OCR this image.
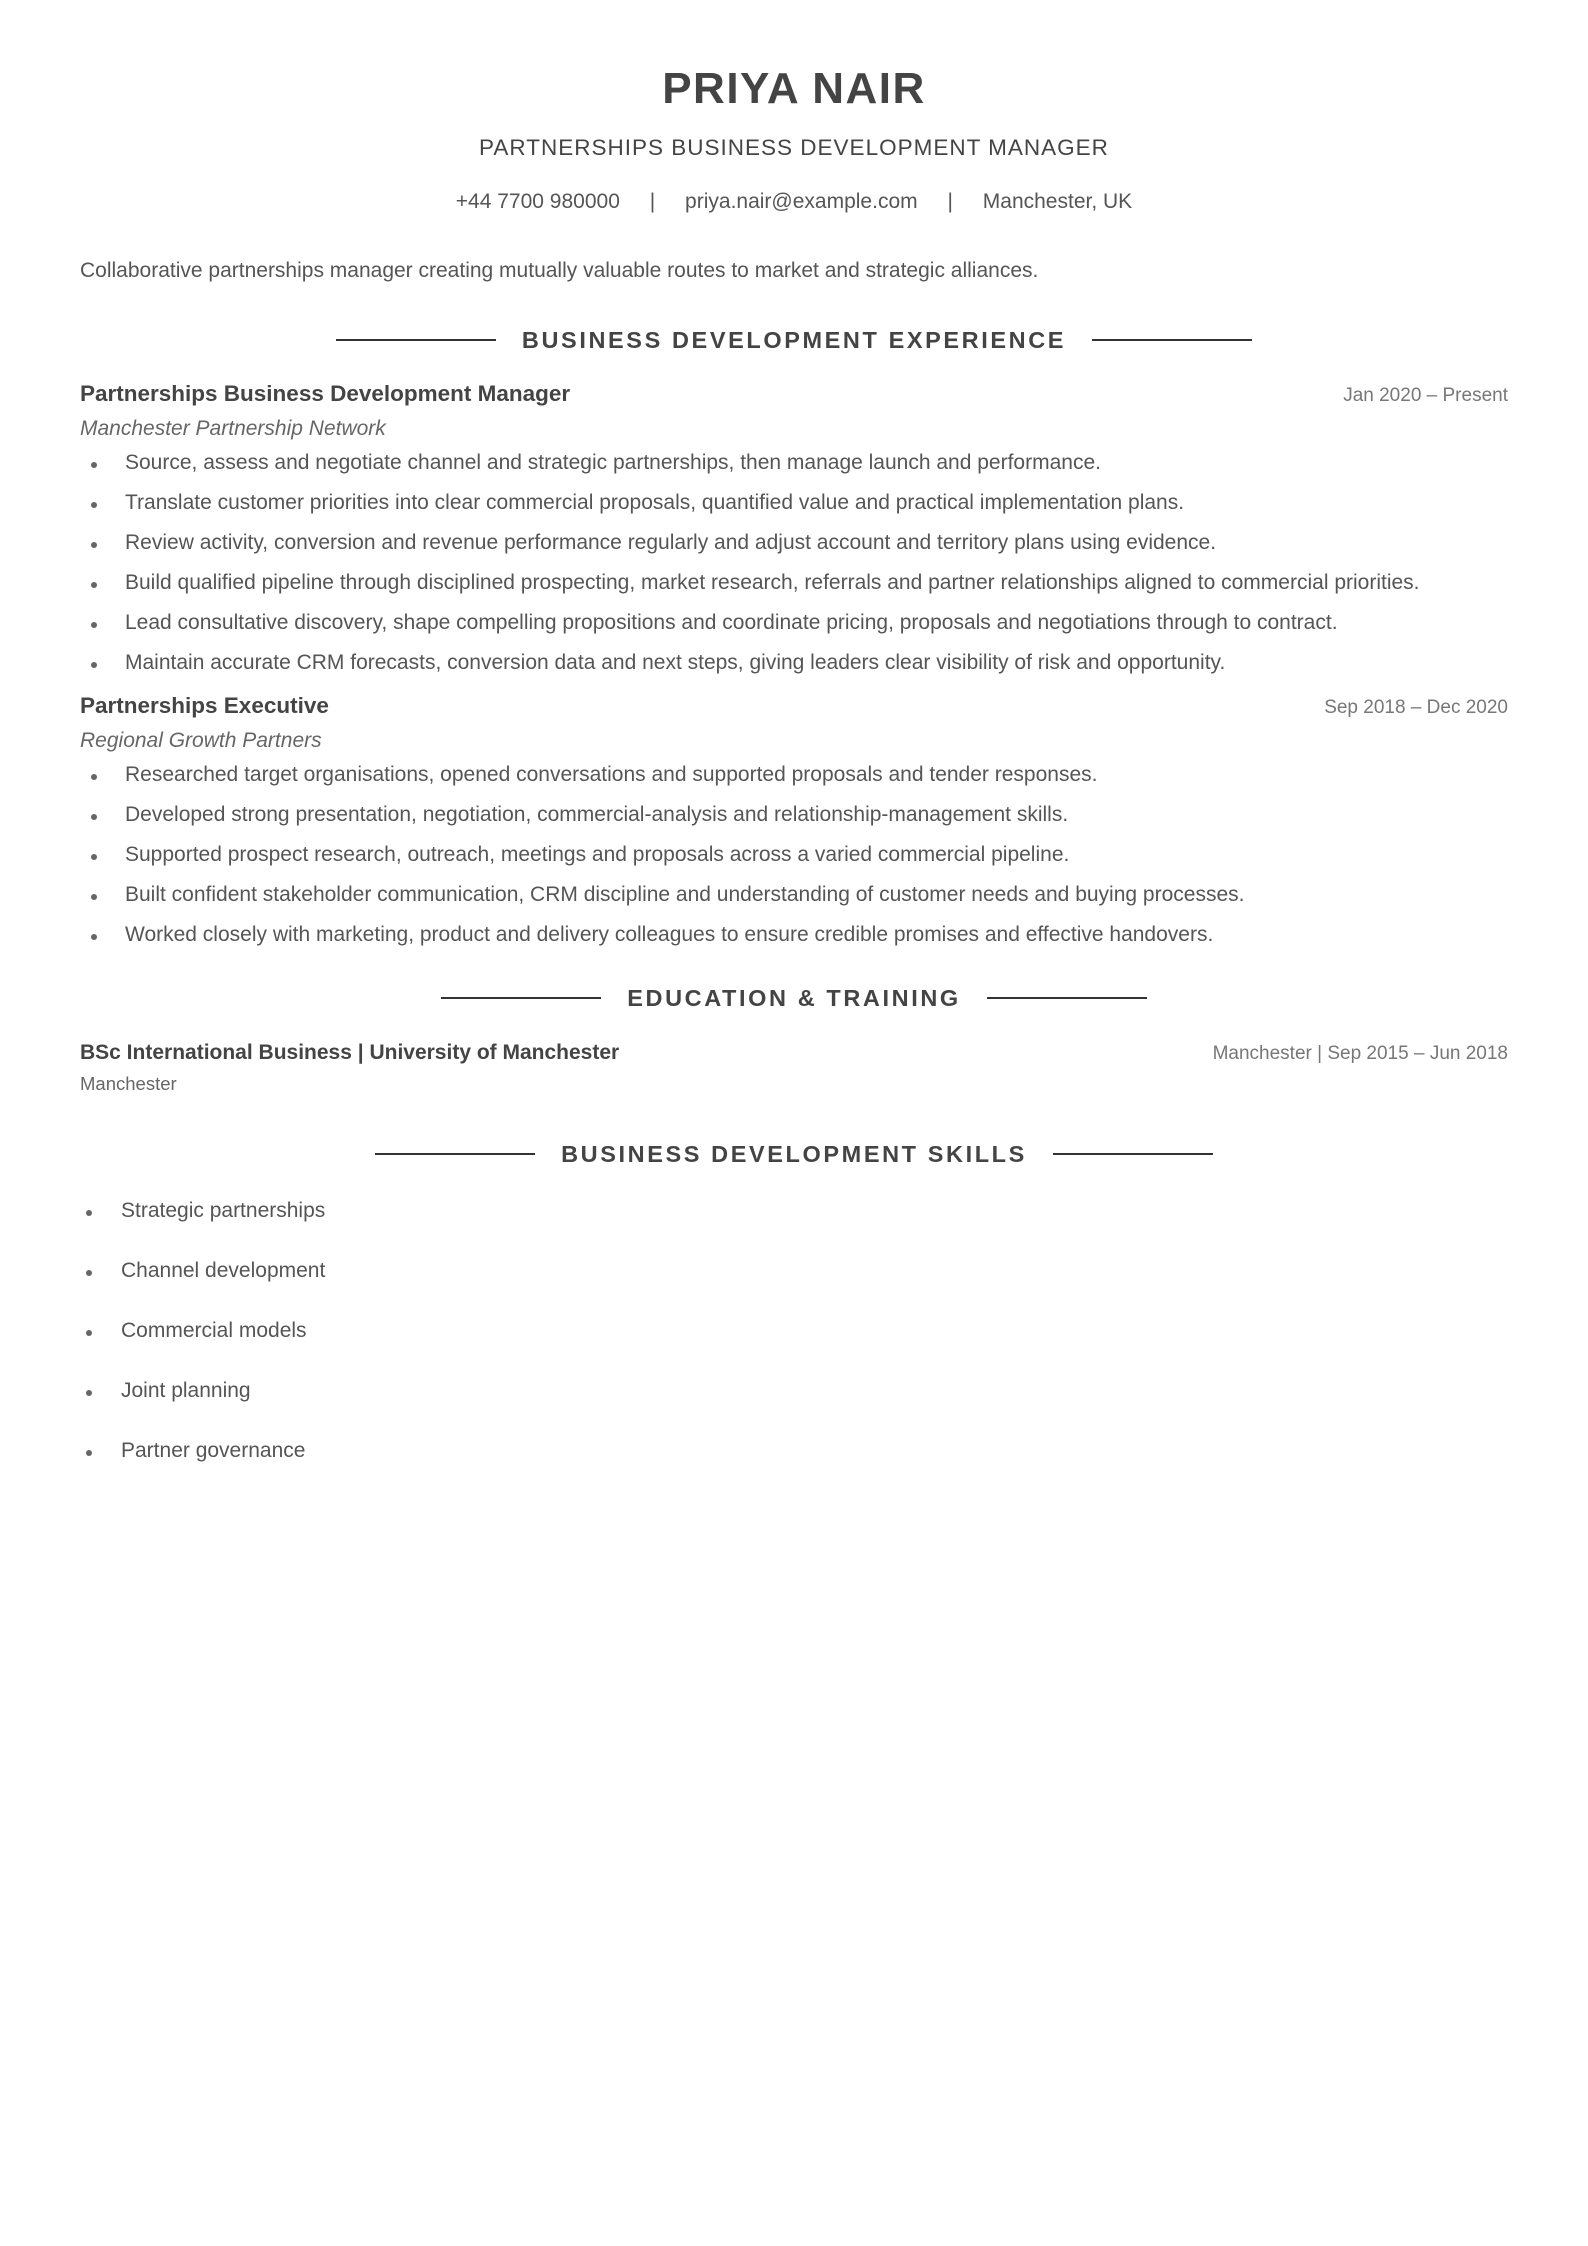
PRIYA NAIR
PARTNERSHIPS BUSINESS DEVELOPMENT MANAGER
+44 7700 980000 | priya.nair@example.com | Manchester, UK
Collaborative partnerships manager creating mutually valuable routes to market and strategic alliances.
BUSINESS DEVELOPMENT EXPERIENCE
Partnerships Business Development Manager	Jan 2020 – Present
Manchester Partnership Network
Source, assess and negotiate channel and strategic partnerships, then manage launch and performance.
Translate customer priorities into clear commercial proposals, quantified value and practical implementation plans.
Review activity, conversion and revenue performance regularly and adjust account and territory plans using evidence.
Build qualified pipeline through disciplined prospecting, market research, referrals and partner relationships aligned to commercial priorities.
Lead consultative discovery, shape compelling propositions and coordinate pricing, proposals and negotiations through to contract.
Maintain accurate CRM forecasts, conversion data and next steps, giving leaders clear visibility of risk and opportunity.
Partnerships Executive	Sep 2018 – Dec 2020
Regional Growth Partners
Researched target organisations, opened conversations and supported proposals and tender responses.
Developed strong presentation, negotiation, commercial-analysis and relationship-management skills.
Supported prospect research, outreach, meetings and proposals across a varied commercial pipeline.
Built confident stakeholder communication, CRM discipline and understanding of customer needs and buying processes.
Worked closely with marketing, product and delivery colleagues to ensure credible promises and effective handovers.
EDUCATION & TRAINING
BSc International Business | University of Manchester	Manchester | Sep 2015 – Jun 2018
Manchester
BUSINESS DEVELOPMENT SKILLS
Strategic partnerships
Channel development
Commercial models
Joint planning
Partner governance
